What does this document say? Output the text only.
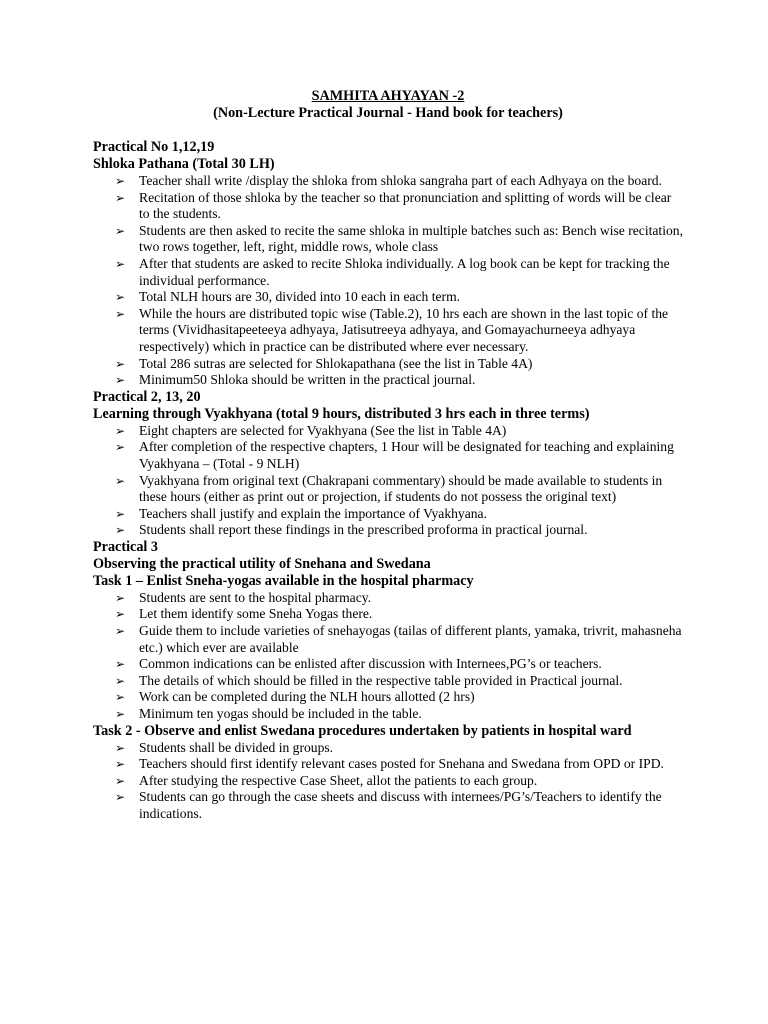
SAMHITA AHYAYAN -2
(Non-Lecture Practical Journal - Hand book for teachers)
Practical No 1,12,19
Shloka Pathana (Total 30 LH)
➢ Teacher shall write /display the shloka from shloka sangraha part of each Adhyaya on the board.
➢ Recitation of those shloka by the teacher so that pronunciation and splitting of words will be clear to the students.
➢ Students are then asked to recite the same shloka in multiple batches such as: Bench wise recitation, two rows together, left, right, middle rows, whole class
➢ After that students are asked to recite Shloka individually. A log book can be kept for tracking the individual performance.
➢ Total NLH hours are 30, divided into 10 each in each term.
➢ While the hours are distributed topic wise (Table.2), 10 hrs each are shown in the last topic of the terms (Vividhasitapeeteeya adhyaya, Jatisutreeya adhyaya, and Gomayachurneeya adhyaya respectively) which in practice can be distributed where ever necessary.
➢ Total 286 sutras are selected for Shlokapathana (see the list in Table 4A)
➢ Minimum50 Shloka should be written in the practical journal.
Practical 2, 13, 20
Learning through Vyakhyana (total 9 hours, distributed 3 hrs each in three terms)
➢ Eight chapters are selected for Vyakhyana (See the list in Table 4A)
➢ After completion of the respective chapters, 1 Hour will be designated for teaching and explaining Vyakhyana – (Total - 9 NLH)
➢ Vyakhyana from original text (Chakrapani commentary) should be made available to students in these hours (either as print out or projection, if students do not possess the original text)
➢ Teachers shall justify and explain the importance of Vyakhyana.
➢ Students shall report these findings in the prescribed proforma in practical journal.
Practical 3
Observing the practical utility of Snehana and Swedana
Task 1 – Enlist Sneha-yogas available in the hospital pharmacy
➢ Students are sent to the hospital pharmacy.
➢ Let them identify some Sneha Yogas there.
➢ Guide them to include varieties of snehayogas (tailas of different plants, yamaka, trivrit, mahasneha etc.) which ever are available
➢ Common indications can be enlisted after discussion with Internees,PG’s or teachers.
➢ The details of which should be filled in the respective table provided in Practical journal.
➢ Work can be completed during the NLH hours allotted (2 hrs)
➢ Minimum ten yogas should be included in the table.
Task 2 - Observe and enlist Swedana procedures undertaken by patients in hospital ward
➢ Students shall be divided in groups.
➢ Teachers should first identify relevant cases posted for Snehana and Swedana from OPD or IPD.
➢ After studying the respective Case Sheet, allot the patients to each group.
➢ Students can go through the case sheets and discuss with internees/PG’s/Teachers to identify the indications.
